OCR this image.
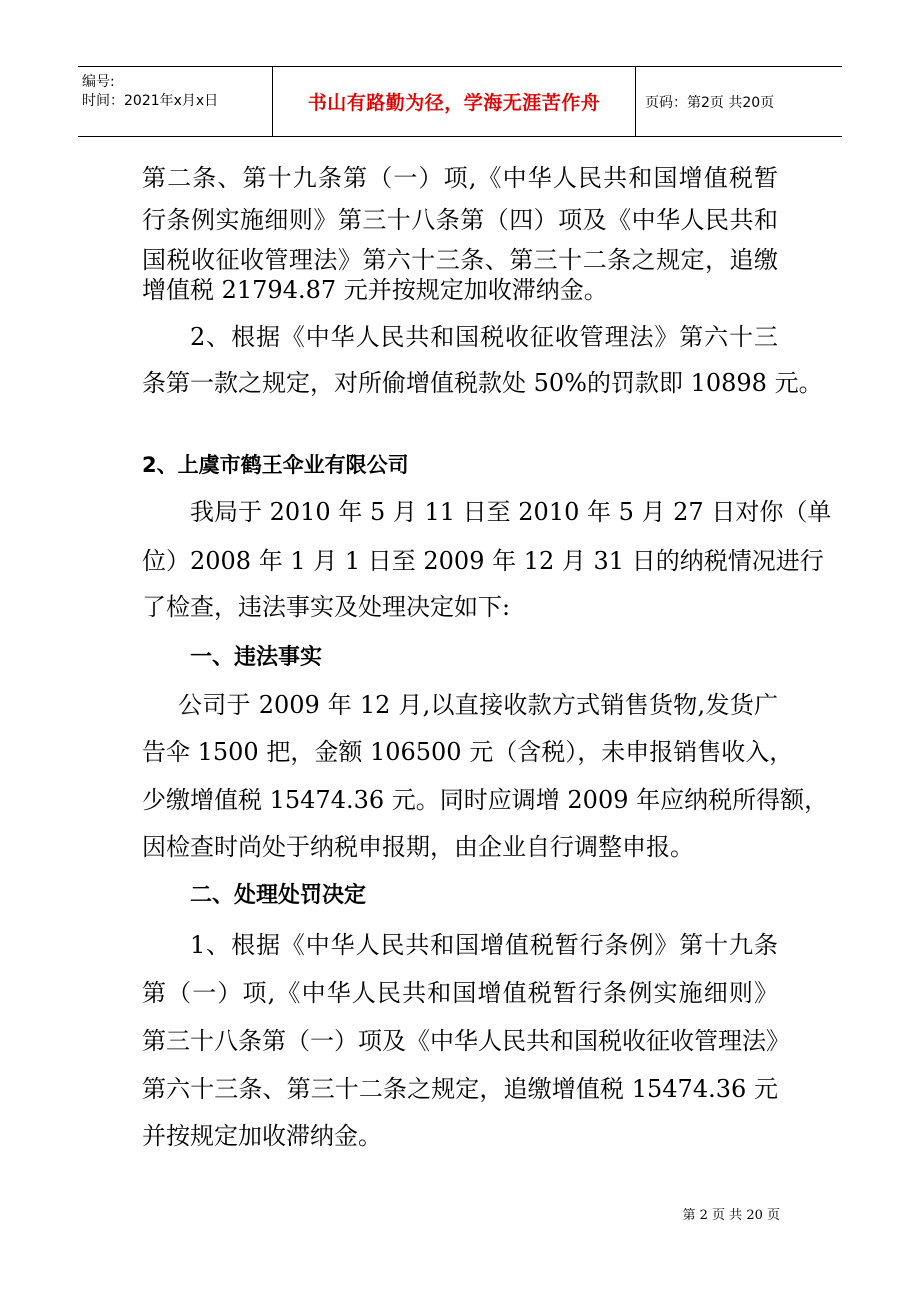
编号:
时间：2021年x月x日	书山有路勤为径，学海无涯苦作舟	页码：第2页 共20页
第二条、第十九条第（一）项,《中华人民共和国增值税暂
行条例实施细则》第三十八条第（四）项及《中华人民共和
国税收征收管理法》第六十三条、第三十二条之规定，追缴
增值税 21794.87 元并按规定加收滞纳金。
2、根据《中华人民共和国税收征收管理法》第六十三
条第一款之规定，对所偷增值税款处 50%的罚款即 10898 元。
2、上虞市鹤王伞业有限公司
我局于 2010 年 5 月 11 日至 2010 年 5 月 27 日对你（单
位）2008 年 1 月 1 日至 2009 年 12 月 31 日的纳税情况进行
了检查，违法事实及处理决定如下:
一、违法事实
公司于 2009 年 12 月,以直接收款方式销售货物,发货广
告伞 1500 把，金额 106500 元（含税），未申报销售收入，
少缴增值税 15474.36 元。同时应调增 2009 年应纳税所得额，
因检查时尚处于纳税申报期，由企业自行调整申报。
二、处理处罚决定
1、根据《中华人民共和国增值税暂行条例》第十九条
第（一）项,《中华人民共和国增值税暂行条例实施细则》
第三十八条第（一）项及《中华人民共和国税收征收管理法》
第六十三条、第三十二条之规定，追缴增值税 15474.36 元
并按规定加收滞纳金。
第 2 页 共 20 页
